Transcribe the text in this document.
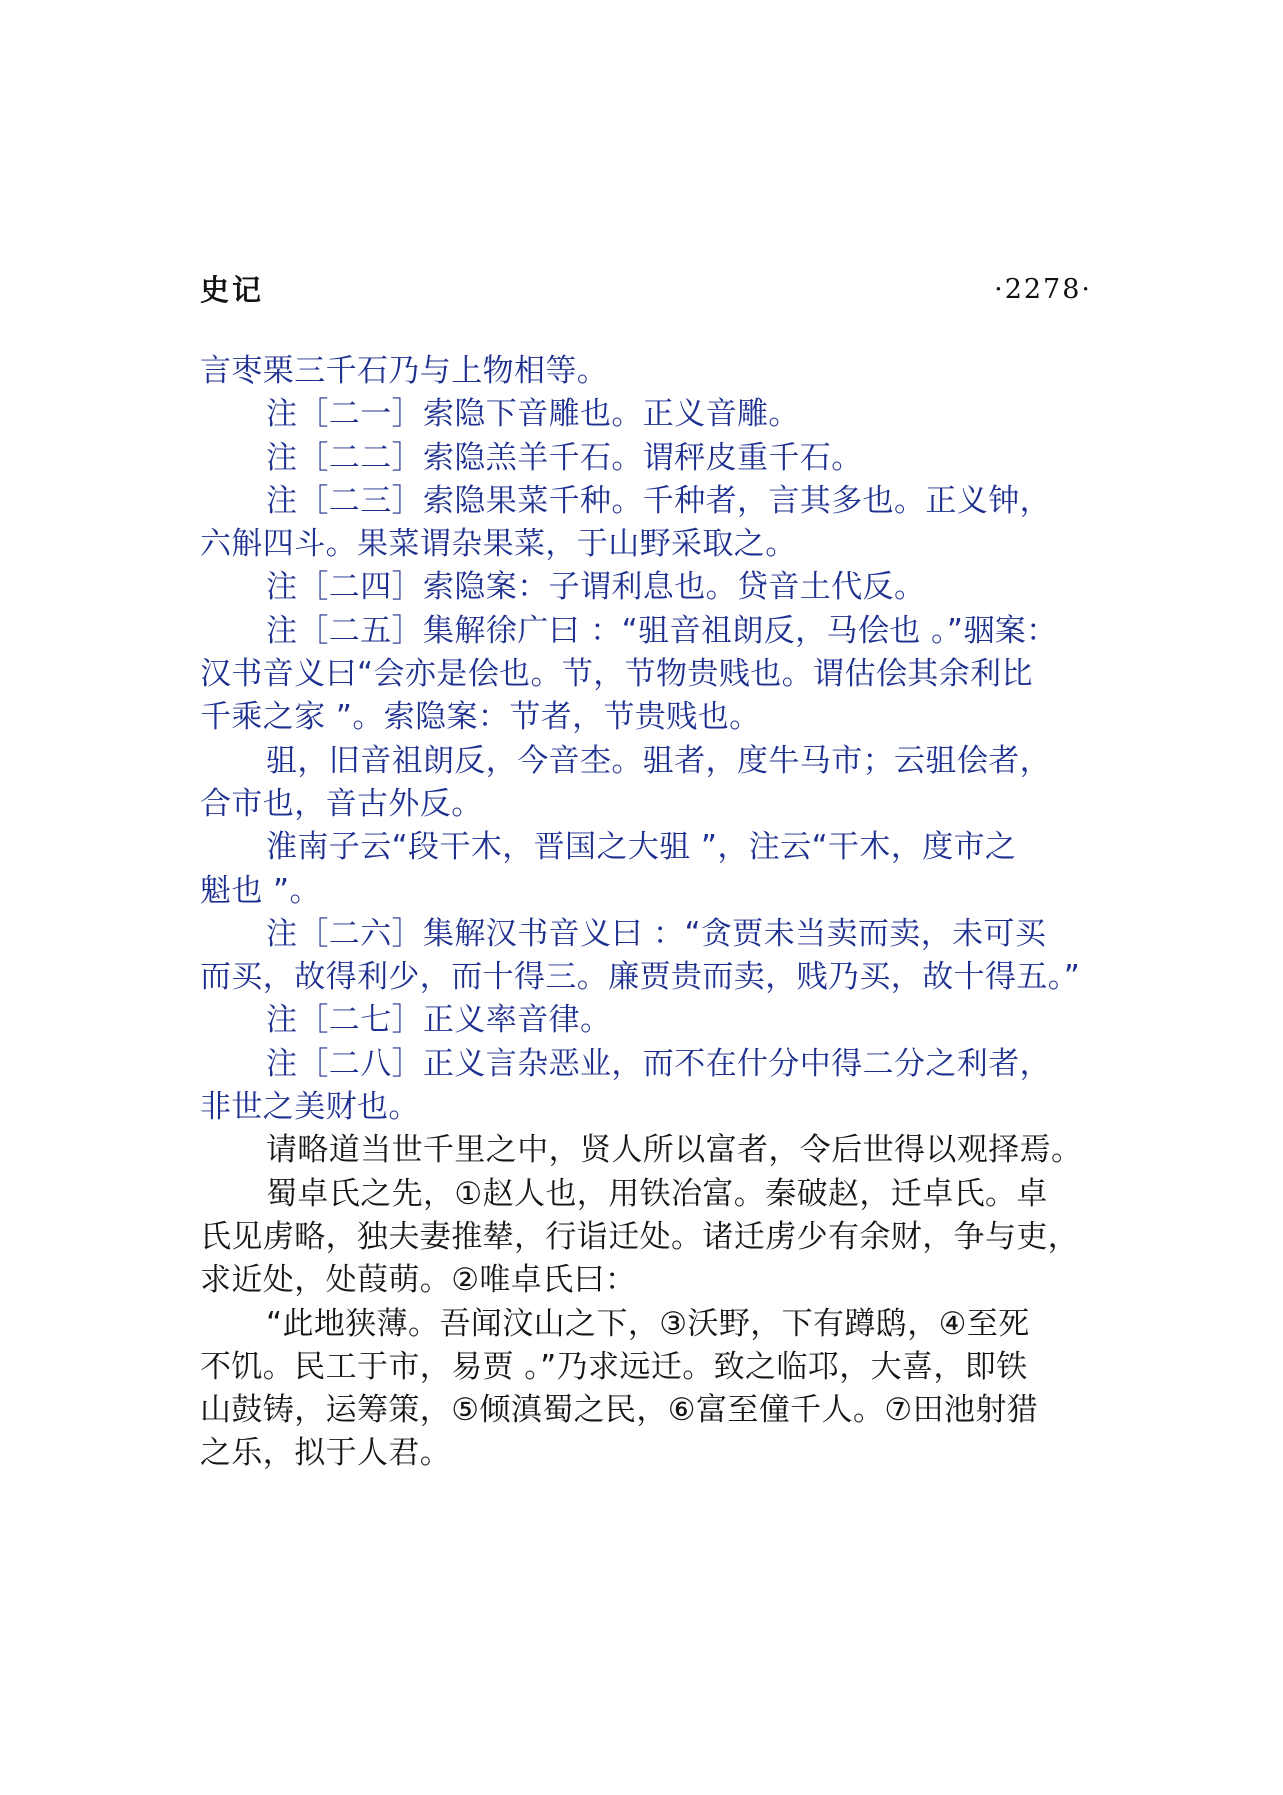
史记	·2278·
言枣栗三千石乃与上物相等。
注［二一］索隐下音雕也。正义音雕。
注［二二］索隐羔羊千石。谓秤皮重千石。
注［二三］索隐果菜千种。千种者，言其多也。正义钟，
六斛四斗。果菜谓杂果菜，于山野采取之。
注［二四］索隐案：子谓利息也。贷音土代反。
注［二五］集解徐广曰 ：“驵音祖朗反，马侩也 。”骃案：
汉书音义曰“会亦是侩也。节，节物贵贱也。谓估侩其余利比
千乘之家 ”。索隐案：节者，节贵贱也。
驵，旧音祖朗反，今音杢。驵者，度牛马市；云驵侩者，
合市也，音古外反。
淮南子云“段干木，晋国之大驵 ”，注云“干木，度市之
魁也 ”。
注［二六］集解汉书音义曰 ：“贪贾未当卖而卖，未可买
而买，故得利少，而十得三。廉贾贵而卖，贱乃买，故十得五。”
注［二七］正义率音律。
注［二八］正义言杂恶业，而不在什分中得二分之利者，
非世之美财也。
请略道当世千里之中，贤人所以富者，令后世得以观择焉。
蜀卓氏之先，①赵人也，用铁冶富。秦破赵，迁卓氏。卓
氏见虏略，独夫妻推辇，行诣迁处。诸迁虏少有余财，争与吏，
求近处，处葭萌。②唯卓氏曰：
“此地狭薄。吾闻汶山之下，③沃野，下有蹲鸱，④至死
不饥。民工于市，易贾 。”乃求远迁。致之临邛，大喜，即铁
山鼓铸，运筹策，⑤倾滇蜀之民，⑥富至僮千人。⑦田池射猎
之乐，拟于人君。
